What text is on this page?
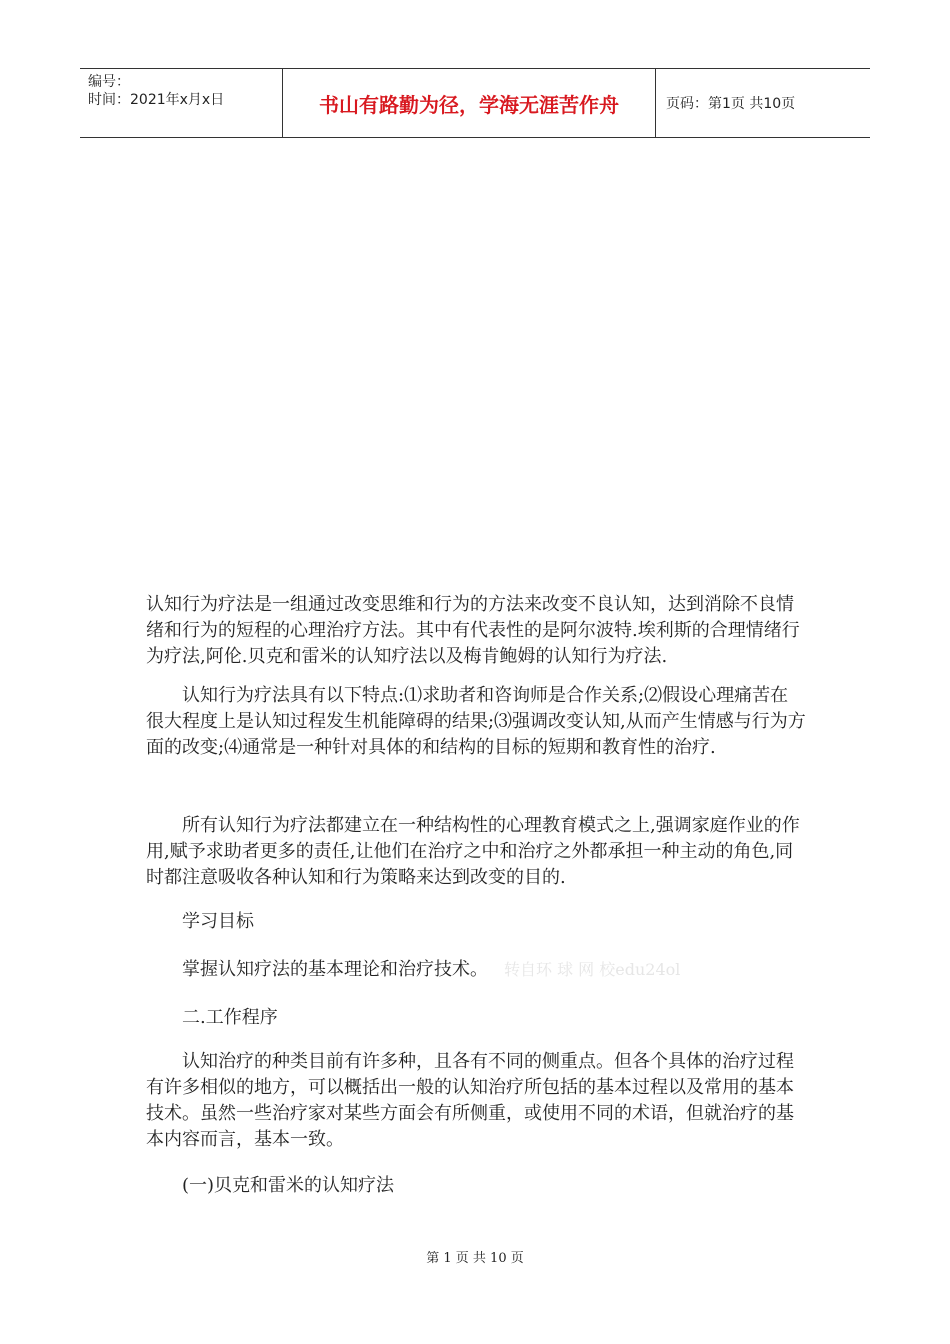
编号：
时间：2021年x月x日	书山有路勤为径，学海无涯苦作舟	页码：第1页 共10页

认知行为疗法是一组通过改变思维和行为的方法来改变不良认知，达到消除不良情绪和行为的短程的心理治疗方法。其中有代表性的是阿尔波特.埃利斯的合理情绪行为疗法,阿伦.贝克和雷米的认知疗法以及梅肯鲍姆的认知行为疗法.

认知行为疗法具有以下特点:⑴求助者和咨询师是合作关系;⑵假设心理痛苦在很大程度上是认知过程发生机能障碍的结果;⑶强调改变认知,从而产生情感与行为方面的改变;⑷通常是一种针对具体的和结构的目标的短期和教育性的治疗.

所有认知行为疗法都建立在一种结构性的心理教育模式之上,强调家庭作业的作用,赋予求助者更多的责任,让他们在治疗之中和治疗之外都承担一种主动的角色,同时都注意吸收各种认知和行为策略来达到改变的目的.

学习目标

掌握认知疗法的基本理论和治疗技术。 转自环 球 网 校edu24ol

二.工作程序

认知治疗的种类目前有许多种，且各有不同的侧重点。但各个具体的治疗过程有许多相似的地方，可以概括出一般的认知治疗所包括的基本过程以及常用的基本技术。虽然一些治疗家对某些方面会有所侧重，或使用不同的术语，但就治疗的基本内容而言，基本一致。

(一)贝克和雷米的认知疗法

第 1 页 共 10 页
